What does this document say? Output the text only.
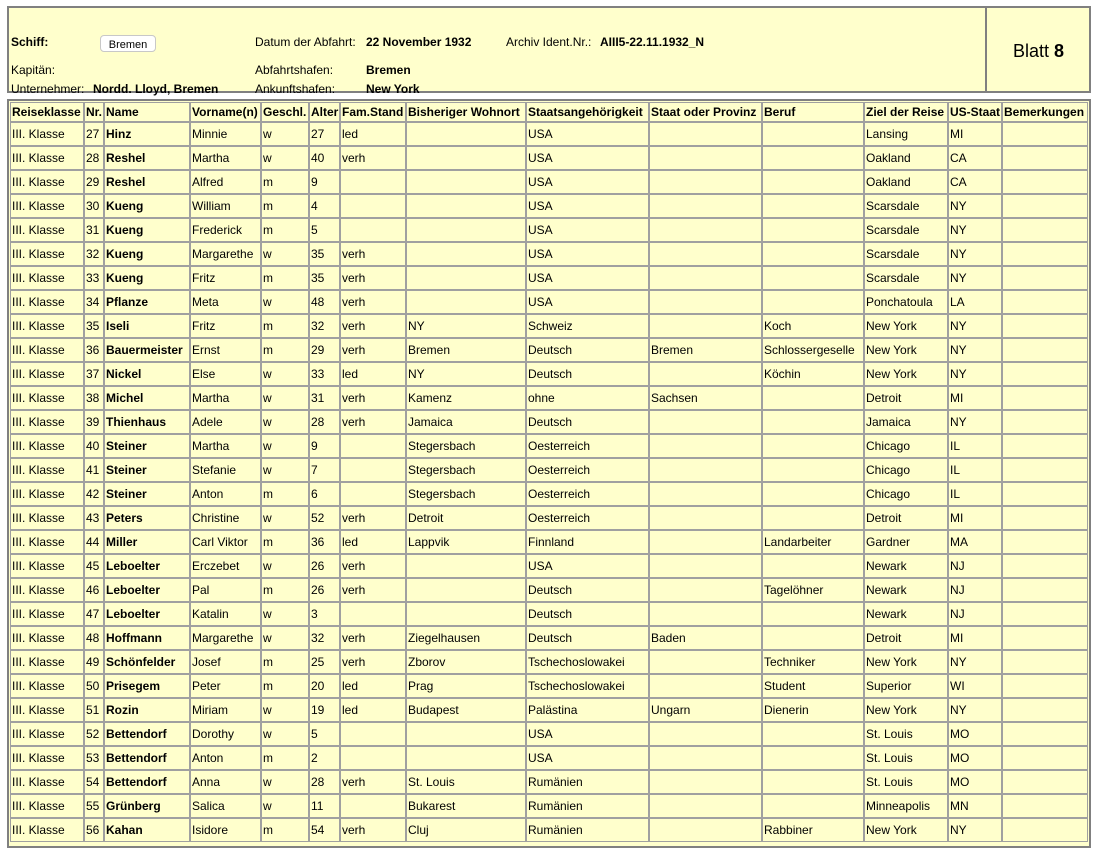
Schiff:	Bremen
Kapitän:
Unternehmer: Nordd. Lloyd, Bremen
Datum der Abfahrt: 22 November 1932
Abfahrtshafen:	Bremen
Ankunftshafen:	New York
Archiv Ident.Nr.: AIII5-22.11.1932_N	Blatt 8
Reiseklasse	Nr.	Name	Vorname(n)	Geschl.	Alter	Fam.Stand	Bisheriger Wohnort	Staatsangehörigkeit	Staat oder Provinz	Beruf	Ziel der Reise	US-Staat	Bemerkungen
III. Klasse	27	Hinz	Minnie	w	27	led		USA			Lansing	MI	
III. Klasse	28	Reshel	Martha	w	40	verh		USA			Oakland	CA	
III. Klasse	29	Reshel	Alfred	m	9			USA			Oakland	CA	
III. Klasse	30	Kueng	William	m	4			USA			Scarsdale	NY	
III. Klasse	31	Kueng	Frederick	m	5			USA			Scarsdale	NY	
III. Klasse	32	Kueng	Margarethe	w	35	verh		USA			Scarsdale	NY	
III. Klasse	33	Kueng	Fritz	m	35	verh		USA			Scarsdale	NY	
III. Klasse	34	Pflanze	Meta	w	48	verh		USA			Ponchatoula	LA	
III. Klasse	35	Iseli	Fritz	m	32	verh	NY	Schweiz		Koch	New York	NY	
III. Klasse	36	Bauermeister	Ernst	m	29	verh	Bremen	Deutsch	Bremen	Schlossergeselle	New York	NY	
III. Klasse	37	Nickel	Else	w	33	led	NY	Deutsch		Köchin	New York	NY	
III. Klasse	38	Michel	Martha	w	31	verh	Kamenz	ohne	Sachsen		Detroit	MI	
III. Klasse	39	Thienhaus	Adele	w	28	verh	Jamaica	Deutsch			Jamaica	NY	
III. Klasse	40	Steiner	Martha	w	9		Stegersbach	Oesterreich			Chicago	IL	
III. Klasse	41	Steiner	Stefanie	w	7		Stegersbach	Oesterreich			Chicago	IL	
III. Klasse	42	Steiner	Anton	m	6		Stegersbach	Oesterreich			Chicago	IL	
III. Klasse	43	Peters	Christine	w	52	verh	Detroit	Oesterreich			Detroit	MI	
III. Klasse	44	Miller	Carl Viktor	m	36	led	Lappvik	Finnland		Landarbeiter	Gardner	MA	
III. Klasse	45	Leboelter	Erczebet	w	26	verh		USA			Newark	NJ	
III. Klasse	46	Leboelter	Pal	m	26	verh		Deutsch		Tagelöhner	Newark	NJ	
III. Klasse	47	Leboelter	Katalin	w	3			Deutsch			Newark	NJ	
III. Klasse	48	Hoffmann	Margarethe	w	32	verh	Ziegelhausen	Deutsch	Baden		Detroit	MI	
III. Klasse	49	Schönfelder	Josef	m	25	verh	Zborov	Tschechoslowakei		Techniker	New York	NY	
III. Klasse	50	Prisegem	Peter	m	20	led	Prag	Tschechoslowakei		Student	Superior	WI	
III. Klasse	51	Rozin	Miriam	w	19	led	Budapest	Palästina	Ungarn	Dienerin	New York	NY	
III. Klasse	52	Bettendorf	Dorothy	w	5			USA			St. Louis	MO	
III. Klasse	53	Bettendorf	Anton	m	2			USA			St. Louis	MO	
III. Klasse	54	Bettendorf	Anna	w	28	verh	St. Louis	Rumänien			St. Louis	MO	
III. Klasse	55	Grünberg	Salica	w	11		Bukarest	Rumänien			Minneapolis	MN	
III. Klasse	56	Kahan	Isidore	m	54	verh	Cluj	Rumänien		Rabbiner	New York	NY	
